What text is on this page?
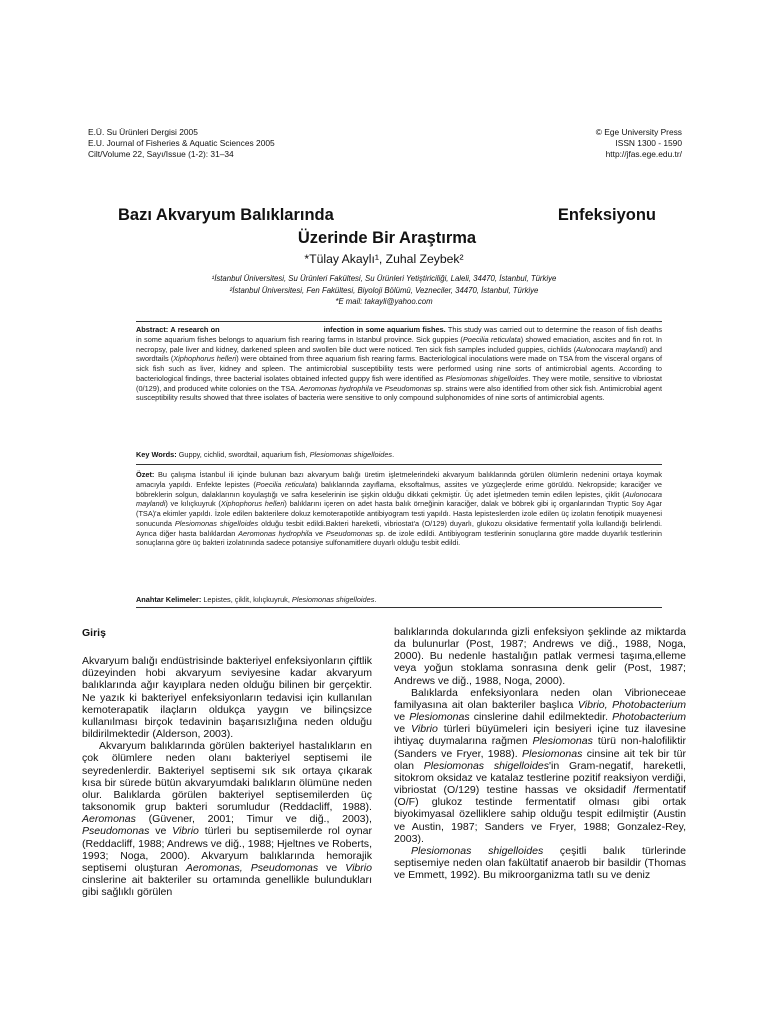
E.Ü. Su Ürünleri Dergisi 2005
E.U. Journal of Fisheries & Aquatic Sciences 2005
Cilt/Volume 22, Sayı/Issue (1-2): 31–34
© Ege University Press
ISSN 1300 - 1590
http://jfas.ege.edu.tr/
Bazı Akvaryum Balıklarında	Enfeksiyonu
Üzerinde Bir Araştırma
*Tülay Akaylı¹, Zuhal Zeybek²
¹İstanbul Üniversitesi, Su Ürünleri Fakültesi, Su Ürünleri Yetiştiriciliği, Laleli, 34470, İstanbul, Türkiye
²İstanbul Üniversitesi, Fen Fakültesi, Biyoloji Bölümü, Vezneciler, 34470, İstanbul, Türkiye
*E mail: takayli@yahoo.com
Abstract: A research on	infection in some aquarium fishes. This study was carried out to determine the reason of fish deaths in some aquarium fishes belongs to aquarium fish rearing farms in Istanbul province. Sick guppies (Poecilia reticulata) showed emaciation, ascites and fin rot. In necropsy, pale liver and kidney, darkened spleen and swollen bile duct were noticed. Ten sick fish samples included guppies, cichlids (Aulonocara maylandi) and swordtails (Xiphophorus helleri) were obtained from three aquarium fish rearing farms. Bacteriological inoculations were made on TSA from the visceral organs of sick fish such as liver, kidney and spleen. The antimicrobial susceptibility tests were performed using nine sorts of antimicrobial agents. According to bacteriological findings, three bacterial isolates obtained infected guppy fish were identified as Plesiomonas shigelloides. They were motile, sensitive to vibriostat (0/129), and produced white colonies on the TSA. Aeromonas hydrophila ve Pseudomonas sp. strains were also identified from other sick fish. Antimicrobial agent susceptibility results showed that three isolates of bacteria were sensitive to only compound sulphonomides of nine sorts of antimicrobial agents.
Key Words: Guppy, cichlid, swordtail, aquarium fish, Plesiomonas shigelloides.
Özet: Bu çalışma İstanbul ili içinde bulunan bazı akvaryum balığı üretim işletmelerindeki akvaryum balıklarında görülen ölümlerin nedenini ortaya koymak amacıyla yapıldı. Enfekte lepistes (Poecilia reticulata) balıklarında zayıflama, eksoftalmus, assites ve yüzgeçlerde erime görüldü. Nekropside; karaciğer ve böbreklerin solgun, dalaklarının koyulaştığı ve safra keselerinin ise şişkin olduğu dikkati çekmiştir. Üç adet işletmeden temin edilen lepistes, çiklit (Aulonocara maylandi) ve kılıçkuyruk (Xiphophorus helleri) balıklarını içeren on adet hasta balık örneğinin karaciğer, dalak ve böbrek gibi iç organlarından Tryptic Soy Agar (TSA)'a ekimler yapıldı. İzole edilen bakterilere dokuz kemoterapotikle antibiyogram testi yapıldı. Hasta lepisteslerden izole edilen üç izolatın fenotipik muayenesi sonucunda Plesiomonas shigelloides olduğu tesbit edildi.Bakteri hareketli, vibriostat'a (O/129) duyarlı, glukozu oksidative fermentatif yolla kullandığı belirlendi. Ayrıca diğer hasta balıklardan Aeromonas hydrophila ve Pseudomonas sp. de izole edildi. Antibiyogram testlerinin sonuçlarına göre madde duyarlık testlerinin sonuçlarına göre üç bakteri izolatınında sadece potansiye sulfonamitlere duyarlı olduğu tesbit edildi.
Anahtar Kelimeler: Lepistes, çiklit, kılıçkuyruk, Plesiomonas shigelloides.

Giriş

Akvaryum balığı endüstrisinde bakteriyel enfeksiyonların çiftlik düzeyinden hobi akvaryum seviyesine kadar akvaryum balıklarında ağır kayıplara neden olduğu bilinen bir gerçektir. Ne yazık ki bakteriyel enfeksiyonların tedavisi için kullanılan kemoterapatik ilaçların oldukça yaygın ve bilinçsizce kullanılması birçok tedavinin başarısızlığına neden olduğu bildirilmektedir (Alderson, 2003).

Akvaryum balıklarında görülen bakteriyel hastalıkların en çok ölümlere neden olanı bakteriyel septisemi ile seyredenlerdir. Bakteriyel septisemi sık sık ortaya çıkarak kısa bir sürede bütün akvaryumdaki balıkların ölümüne neden olur. Balıklarda görülen bakteriyel septisemilerden üç taksonomik grup bakteri sorumludur (Reddacliff, 1988). Aeromonas (Güvener, 2001; Timur ve diğ., 2003), Pseudomonas ve Vibrio türleri bu septisemilerde rol oynar (Reddacliff, 1988; Andrews ve diğ., 1988; Hjeltnes ve Roberts, 1993; Noga, 2000). Akvaryum balıklarında hemorajik septisemi oluşturan Aeromonas, Pseudomonas ve Vibrio cinslerine ait bakteriler su ortamında genellikle bulundukları gibi sağlıklı görülen

balıklarında dokularında gizli enfeksiyon şeklinde az miktarda da bulunurlar (Post, 1987; Andrews ve diğ., 1988, Noga, 2000). Bu nedenle hastalığın patlak vermesi taşıma,elleme veya yoğun stoklama sonrasına denk gelir (Post, 1987; Andrews ve diğ., 1988, Noga, 2000).

Balıklarda enfeksiyonlara neden olan Vibrioneceae familyasına ait olan bakteriler başlıca Vibrio, Photobacterium ve Plesiomonas cinslerine dahil edilmektedir. Photobacterium ve Vibrio türleri büyümeleri için besiyeri içine tuz ilavesine ihtiyaç duymalarına rağmen Plesiomonas türü non-halofiliktir (Sanders ve Fryer, 1988). Plesiomonas cinsine ait tek bir tür olan Plesiomonas shigelloides'in Gram-negatif, hareketli, sitokrom oksidaz ve katalaz testlerine pozitif reaksiyon verdiği, vibriostat (O/129) testine hassas ve oksidadif /fermentatif (O/F) glukoz testinde fermentatif olması gibi ortak biyokimyasal özelliklere sahip olduğu tespit edilmiştir (Austin ve Austin, 1987; Sanders ve Fryer, 1988; Gonzalez-Rey, 2003).

Plesiomonas shigelloides çeşitli balık türlerinde septisemiye neden olan fakültatif anaerob bir basildir (Thomas ve Emmett, 1992). Bu mikroorganizma tatlı su ve deniz
